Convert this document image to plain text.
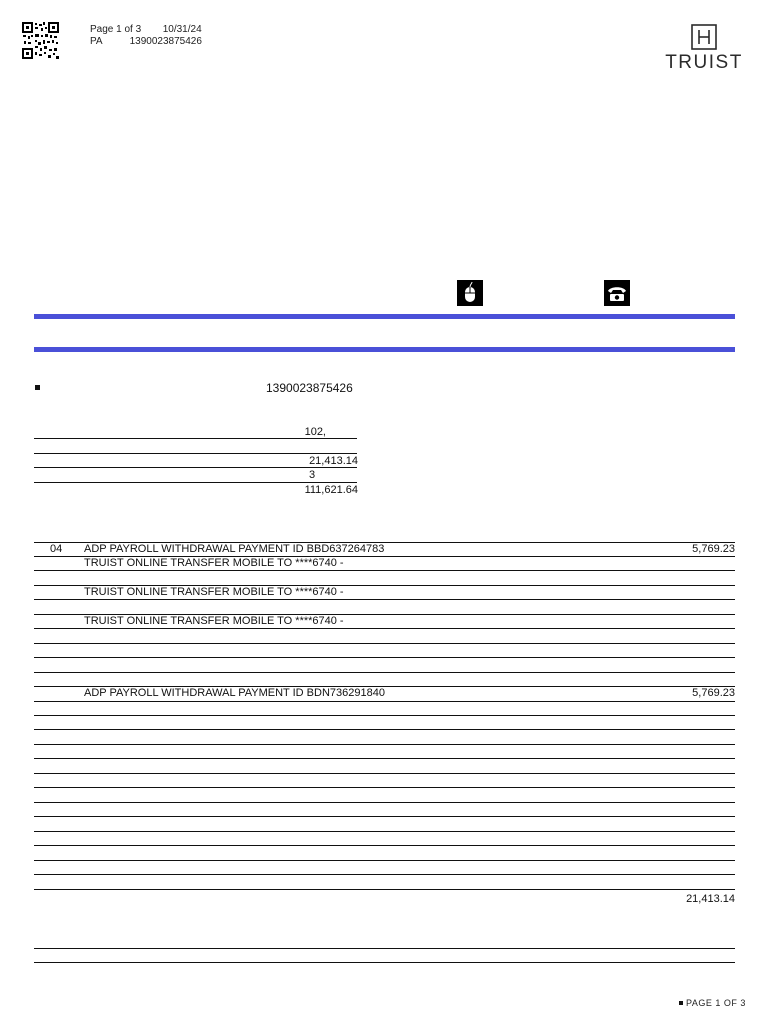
Page 1 of 3 10/31/24
PA	1390023875426
TRUIST
1390023875426
102,
21,413.14
3
111,621.64
04 ADP PAYROLL WITHDRAWAL PAYMENT ID BBD637264783	5,769.23
TRUIST ONLINE TRANSFER MOBILE TO ****6740 -
TRUIST ONLINE TRANSFER MOBILE TO ****6740 -
TRUIST ONLINE TRANSFER MOBILE TO ****6740 -
ADP PAYROLL WITHDRAWAL PAYMENT ID BDN736291840	5,769.23
21,413.14
PAGE 1 OF 3
